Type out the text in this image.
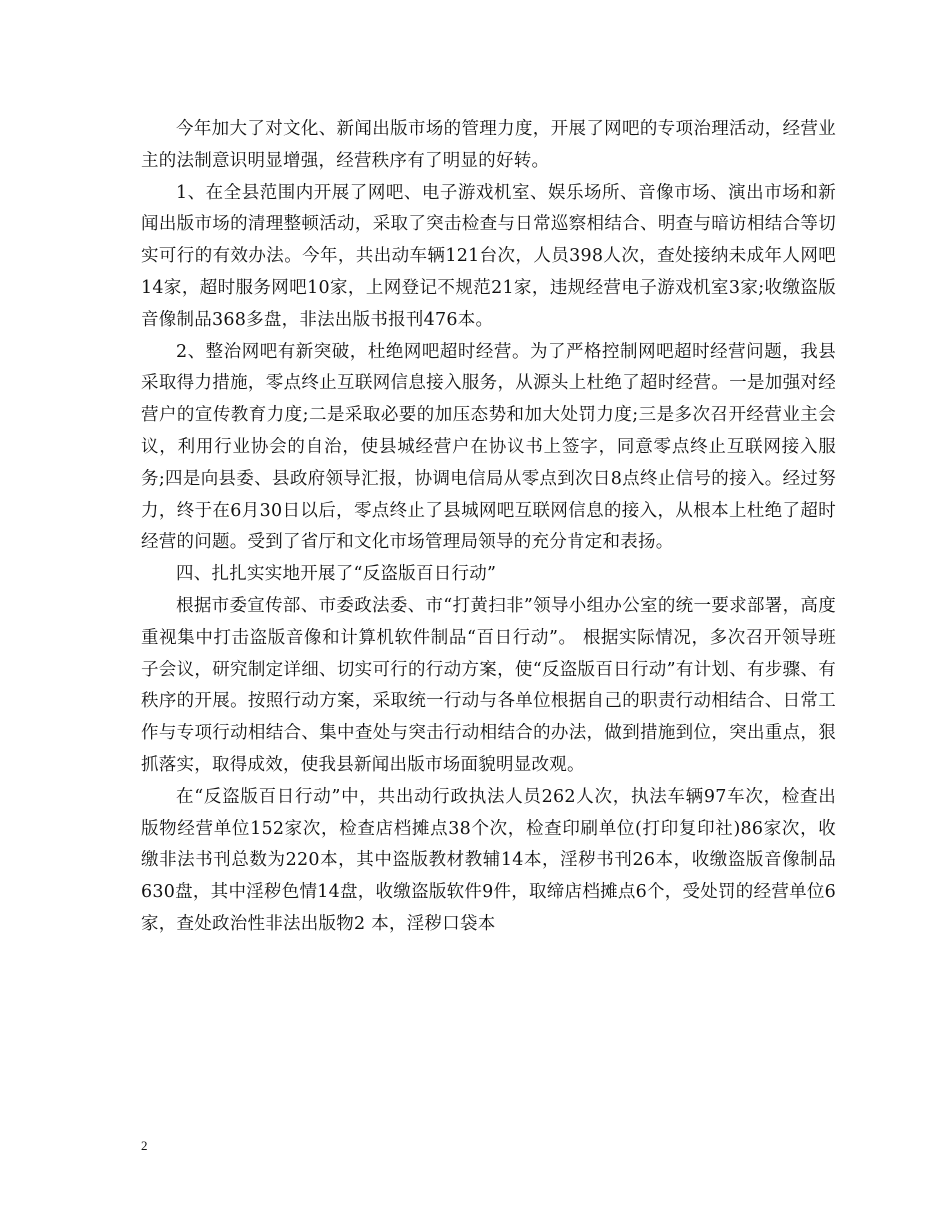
今年加大了对文化、新闻出版市场的管理力度，开展了网吧的专项治理活动，经营业主的法制意识明显增强，经营秩序有了明显的好转。

1、在全县范围内开展了网吧、电子游戏机室、娱乐场所、音像市场、演出市场和新闻出版市场的清理整顿活动，采取了突击检查与日常巡察相结合、明查与暗访相结合等切实可行的有效办法。今年，共出动车辆121台次，人员398人次，查处接纳未成年人网吧14家，超时服务网吧10家，上网登记不规范21家，违规经营电子游戏机室3家;收缴盗版音像制品368多盘，非法出版书报刊476本。

2、整治网吧有新突破，杜绝网吧超时经营。为了严格控制网吧超时经营问题，我县采取得力措施，零点终止互联网信息接入服务，从源头上杜绝了超时经营。一是加强对经营户的宣传教育力度;二是采取必要的加压态势和加大处罚力度;三是多次召开经营业主会议，利用行业协会的自治，使县城经营户在协议书上签字，同意零点终止互联网接入服务;四是向县委、县政府领导汇报，协调电信局从零点到次日8点终止信号的接入。经过努力，终于在6月30日以后，零点终止了县城网吧互联网信息的接入，从根本上杜绝了超时经营的问题。受到了省厅和文化市场管理局领导的充分肯定和表扬。

四、扎扎实实地开展了“反盗版百日行动”

根据市委宣传部、市委政法委、市“打黄扫非”领导小组办公室的统一要求部署，高度重视集中打击盗版音像和计算机软件制品“百日行动”。 根据实际情况，多次召开领导班子会议，研究制定详细、切实可行的行动方案，使“反盗版百日行动”有计划、有步骤、有秩序的开展。按照行动方案，采取统一行动与各单位根据自己的职责行动相结合、日常工作与专项行动相结合、集中查处与突击行动相结合的办法，做到措施到位，突出重点，狠抓落实，取得成效，使我县新闻出版市场面貌明显改观。

在“反盗版百日行动”中，共出动行政执法人员262人次，执法车辆97车次，检查出版物经营单位152家次，检查店档摊点38个次，检查印刷单位(打印复印社)86家次，收缴非法书刊总数为220本，其中盗版教材教辅14本，淫秽书刊26本，收缴盗版音像制品630盘，其中淫秽色情14盘，收缴盗版软件9件，取缔店档摊点6个，受处罚的经营单位6家，查处政治性非法出版物2 本，淫秽口袋本

2
